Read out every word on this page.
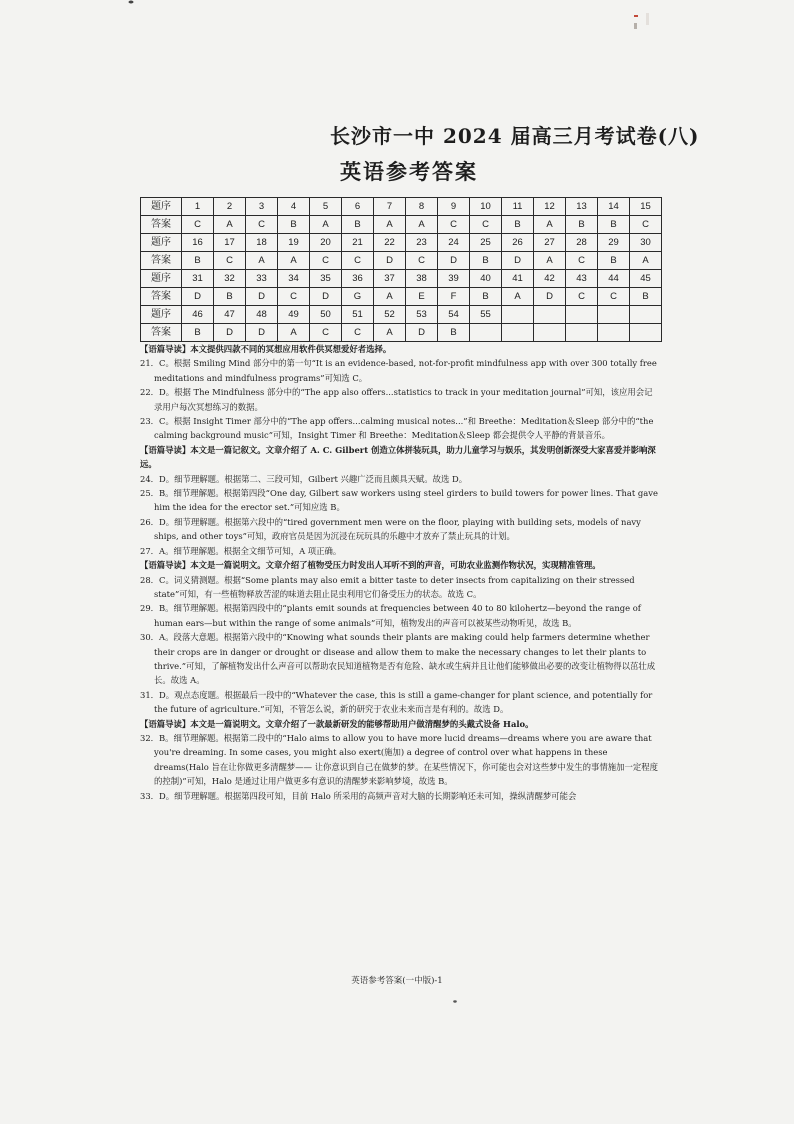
长沙市一中 2024 届高三月考试卷(八)
英语参考答案
题序	1	2	3	4	5	6	7	8	9	10	11	12	13	14	15
答案	C	A	C	B	A	B	A	A	C	C	B	A	B	B	C
题序	16	17	18	19	20	21	22	23	24	25	26	27	28	29	30
答案	B	C	A	A	C	C	D	C	D	B	D	A	C	B	A
题序	31	32	33	34	35	36	37	38	39	40	41	42	43	44	45
答案	D	B	D	C	D	G	A	E	F	B	A	D	C	C	B
题序	46	47	48	49	50	51	52	53	54	55					
答案	B	D	D	A	C	C	A	D	B						

【语篇导读】本文提供四款不同的冥想应用软件供冥想爱好者选择。

21．C。根据 Smiling Mind 部分中的第一句“It is an evidence-based, not-for-profit mindfulness app with over 300 totally free meditations and mindfulness programs”可知选 C。

22．D。根据 The Mindfulness 部分中的“The app also offers...statistics to track in your meditation journal”可知，该应用会记录用户每次冥想练习的数据。

23．C。根据 Insight Timer 部分中的“The app offers...calming musical notes...”和 Breethe：Meditation＆Sleep 部分中的“the calming background music”可知，Insight Timer 和 Breethe：Meditation＆Sleep 都会提供令人平静的背景音乐。

【语篇导读】本文是一篇记叙文。文章介绍了 A. C. Gilbert 创造立体拼装玩具，助力儿童学习与娱乐，其发明创新深受大家喜爱并影响深远。

24．D。细节理解题。根据第二、三段可知，Gilbert 兴趣广泛而且颇具天赋。故选 D。

25．B。细节理解题。根据第四段“One day, Gilbert saw workers using steel girders to build towers for power lines. That gave him the idea for the erector set.”可知应选 B。

26．D。细节理解题。根据第六段中的“tired government men were on the floor, playing with building sets, models of navy ships, and other toys”可知，政府官员是因为沉浸在玩玩具的乐趣中才放弃了禁止玩具的计划。

27．A。细节理解题。根据全文细节可知，A 项正确。

【语篇导读】本文是一篇说明文。文章介绍了植物受压力时发出人耳听不到的声音，可助农业监测作物状况，实现精准管理。

28．C。词义猜测题。根据“Some plants may also emit a bitter taste to deter insects from capitalizing on their stressed state”可知，有一些植物释放苦涩的味道去阻止昆虫利用它们备受压力的状态。故选 C。

29．B。细节理解题。根据第四段中的“plants emit sounds at frequencies between 40 to 80 kilohertz—beyond the range of human ears—but within the range of some animals”可知，植物发出的声音可以被某些动物听见，故选 B。

30．A。段落大意题。根据第六段中的“Knowing what sounds their plants are making could help farmers determine whether their crops are in danger or drought or disease and allow them to make the necessary changes to let their plants to thrive.”可知，了解植物发出什么声音可以帮助农民知道植物是否有危险、缺水或生病并且让他们能够做出必要的改变让植物得以茁壮成长。故选 A。

31．D。观点态度题。根据最后一段中的“Whatever the case, this is still a game-changer for plant science, and potentially for the future of agriculture.”可知，不管怎么说，新的研究于农业未来而言是有利的。故选 D。

【语篇导读】本文是一篇说明文。文章介绍了一款最新研发的能够帮助用户做清醒梦的头戴式设备 Halo。

32．B。细节理解题。根据第二段中的“Halo aims to allow you to have more lucid dreams—dreams where you are aware that you're dreaming. In some cases, you might also exert(施加) a degree of control over what happens in these dreams(Halo 旨在让你做更多清醒梦—— 让你意识到自己在做梦的梦。在某些情况下，你可能也会对这些梦中发生的事情施加一定程度的控制)”可知，Halo 是通过让用户做更多有意识的清醒梦来影响梦境，故选 B。

33．D。细节理解题。根据第四段可知，目前 Halo 所采用的高频声音对大脑的长期影响还未可知，操纵清醒梦可能会

英语参考答案(一中版)-1
